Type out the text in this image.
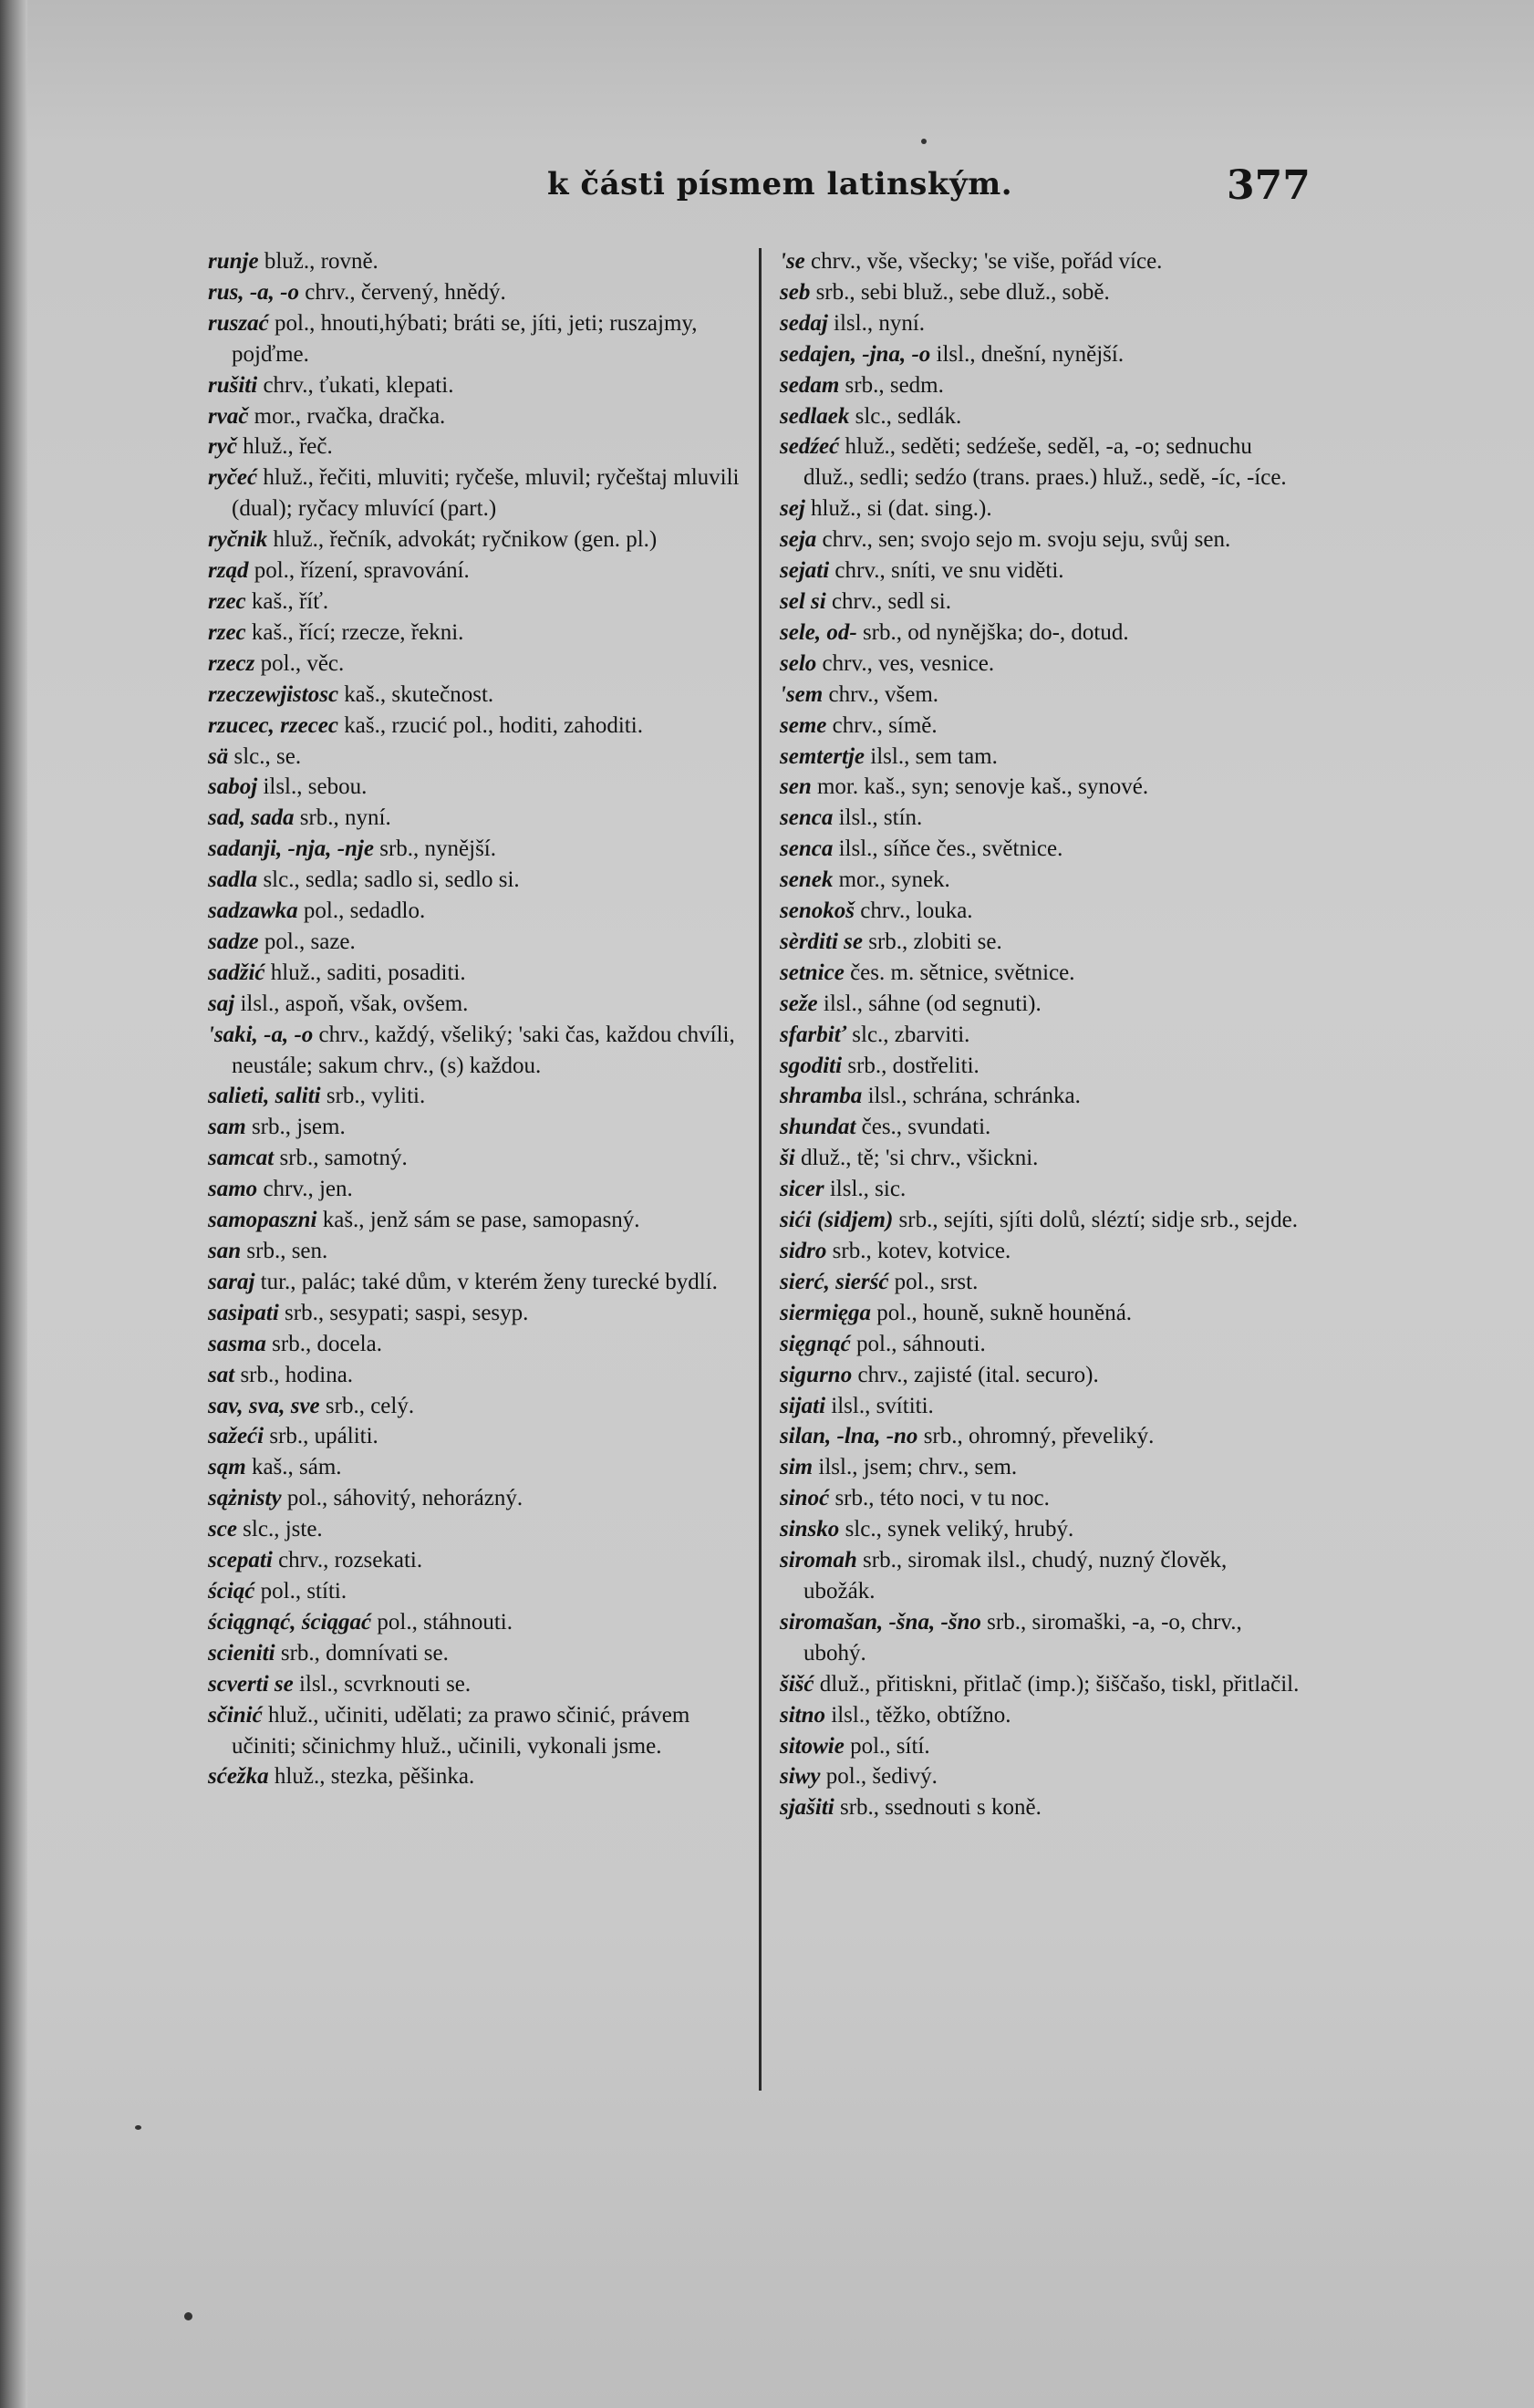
k části písmem latinským.	377
runje bluž., rovně.
rus, -a, -o chrv., červený, hnědý.
ruszać pol., hnouti,hýbati; bráti se, jíti, jeti; ruszajmy, pojďme.
rušiti chrv., ťukati, klepati.
rvač mor., rvačka, dračka.
ryč hluž., řeč.
ryčeć hluž., řečiti, mluviti; ryčeše, mluvil; ryčeštaj mluvili (dual); ryčacy mluvící (part.)
ryčnik hluž., řečník, advokát; ryčnikow (gen. pl.)
rząd pol., řízení, spravování.
rzec kaš., říť.
rzec kaš., řící; rzecze, řekni.
rzecz pol., věc.
rzeczewjistosc kaš., skutečnost.
rzucec, rzecec kaš., rzucić pol., hoditi, zahoditi.
sä slc., se.
saboj ilsl., sebou.
sad, sada srb., nyní.
sadanji, -nja, -nje srb., nynější.
sadla slc., sedla; sadlo si, sedlo si.
sadzawka pol., sedadlo.
sadze pol., saze.
sadžić hluž., saditi, posaditi.
saj ilsl., aspoň, však, ovšem.
'saki, -a, -o chrv., každý, všeliký; 'saki čas, každou chvíli, neustále; sakum chrv., (s) každou.
salieti, saliti srb., vyliti.
sam srb., jsem.
samcat srb., samotný.
samo chrv., jen.
samopaszni kaš., jenž sám se pase, samopasný.
san srb., sen.
saraj tur., palác; také dům, v kterém ženy turecké bydlí.
sasipati srb., sesypati; saspi, sesyp.
sasma srb., docela.
sat srb., hodina.
sav, sva, sve srb., celý.
sažeći srb., upáliti.
sąm kaš., sám.
sążnisty pol., sáhovitý, nehorázný.
sce slc., jste.
scepati chrv., rozsekati.
ściąć pol., stíti.
ściągnąć, ściągać pol., stáhnouti.
scieniti srb., domnívati se.
scverti se ilsl., scvrknouti se.
sčinić hluž., učiniti, udělati; za prawo sčinić, právem učiniti; sčinichmy hluž., učinili, vykonali jsme.
sćežka hluž., stezka, pěšinka.
'se chrv., vše, všecky; 'se više, pořád více.
seb srb., sebi bluž., sebe dluž., sobě.
sedaj ilsl., nyní.
sedajen, -jna, -o ilsl., dnešní, nynější.
sedam srb., sedm.
sedlaek slc., sedlák.
sedźeć hluž., seděti; sedźeše, seděl, -a, -o; sednuchu dluž., sedli; sedźo (trans. praes.) hluž., sedě, -íc, -íce.
sej hluž., si (dat. sing.).
seja chrv., sen; svojo sejo m. svoju seju, svůj sen.
sejati chrv., sníti, ve snu viděti.
sel si chrv., sedl si.
sele, od- srb., od nynějška; do-, dotud.
selo chrv., ves, vesnice.
'sem chrv., všem.
seme chrv., símě.
semtertje ilsl., sem tam.
sen mor. kaš., syn; senovje kaš., synové.
senca ilsl., stín.
senca ilsl., síňce čes., světnice.
senek mor., synek.
senokoš chrv., louka.
sèrditi se srb., zlobiti se.
setnice čes. m. sětnice, světnice.
seže ilsl., sáhne (od segnuti).
sfarbiť slc., zbarviti.
sgoditi srb., dostřeliti.
shramba ilsl., schrána, schránka.
shundat čes., svundati.
ši dluž., tě; 'si chrv., všickni.
sicer ilsl., sic.
sići (sidjem) srb., sejíti, sjíti dolů, sléztí; sidje srb., sejde.
sidro srb., kotev, kotvice.
sierć, sierść pol., srst.
siermięga pol., houně, sukně houněná.
sięgnąć pol., sáhnouti.
sigurno chrv., zajisté (ital. securo).
sijati ilsl., svítiti.
silan, -lna, -no srb., ohromný, převeliký.
sim ilsl., jsem; chrv., sem.
sinoć srb., této noci, v tu noc.
sinsko slc., synek veliký, hrubý.
siromah srb., siromak ilsl., chudý, nuzný člověk, ubožák.
siromašan, -šna, -šno srb., siromaški, -a, -o, chrv., ubohý.
šišć dluž., přitiskni, přitlač (imp.); šiščašo, tiskl, přitlačil.
sitno ilsl., těžko, obtížno.
sitowie pol., sítí.
siwy pol., šedivý.
sjašiti srb., ssednouti s koně.
